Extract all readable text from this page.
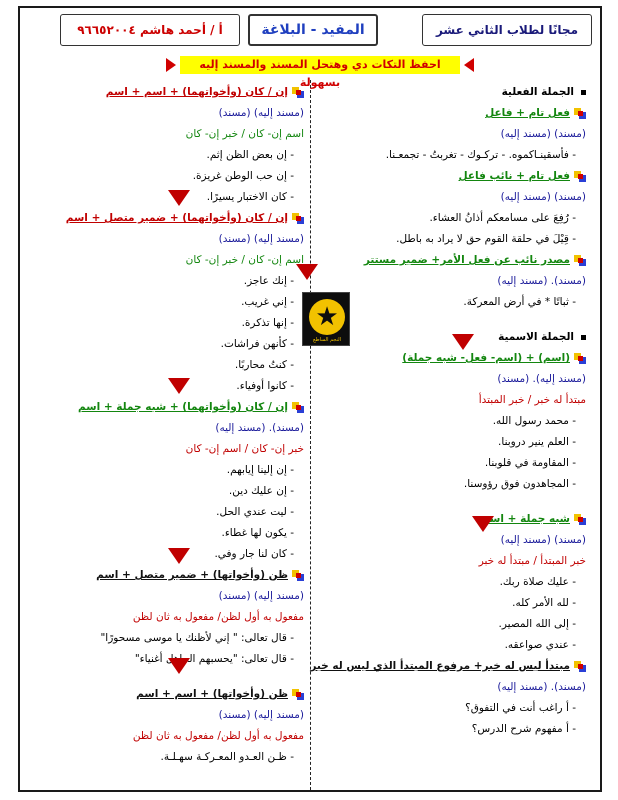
مجانًا لطلاب الثاني عشر
المفيد - البلاغة
أ / أحمد هاشم ٩٦٦٥٢٠٠٤
احفظ التكات دي وهتحل المسند والمسند إليه بسهولة
الجملة الفعلية
فعل تام + فاعل
(مسند) (مسند إليه)
- فأسقينـاكموه. - تركـوك - تغربتُ - تجمعـنا.
فعل تام + نائب فاعل
(مسند) (مسند إليه)
- رُفِعَ على مسامعكم أذانُ العشاء.
- قِيْلَ في حلقة القوم حق لا يراد به باطل.
مصدر نائب عن فعل الأمر+ ضمير مستتر
(مسند). (مسند إليه)
- ثباتًا * في أرض المعركة.
الجملة الاسمية
(اسم) + (اسم- فعل- شبه جملة)
(مسند إليه). (مسند)
مبتدأ له خبر / خبر المبتدأ
- محمد رسول الله.
- العلم ينير دروبنا.
- المقاومة في قلوبنا.
- المجاهدون فوق رؤوسنا.
شبه جملة + اسم
(مسند) (مسند إليه)
خبر المبتدأ / مبتدأ له خبر
- عليك صلاة ربك.
- لله الأمر كله.
- إلى الله المصير.
- عندي صواعقه.
مبتدأ ليس له خبر+ مرفوع المبتدأ الذي ليس له خبر
(مسند). (مسند إليه)
- أ راغب أنت في التفوق؟
- أ مفهوم شرح الدرس؟
إن / كان (وأخواتهما) + اسم + اسم
(مسند إليه) (مسند)
اسم إن- كان / خبر إن- كان
- إن بعض الظن إثم.
- إن حب الوطن غريزة.
- كان الاختبار يسيرًا.
إن / كان (وأخواتهما) + ضمير متصل + اسم
(مسند إليه) (مسند)
اسم إن- كان / خبر إن- كان
- إنك عاجز.
- إني غريب.
- إنها تذكرة.
- كأنهن فراشات.
- كنتُ محاربًا.
- كانوا أوفياء.
إن / كان (وأخواتهما) + شبه جملة + اسم
(مسند). (مسند إليه)
خبر إن- كان / اسم إن- كان
- إن إلينا إيابهم.
- إن عليك دين.
- ليت عندي الحل.
- يكون لها غطاء.
- كان لنا جار وفي.
ظن (وأخواتها) + ضمير متصل + اسم
(مسند إليه) (مسند)
مفعول به أول لظن/ مفعول به ثان لظن
- قال تعالى: " إني لأظنك يا موسى مسحورًا"
- قال تعالى: "يحسبهم الجاهل أغنياء"
ظن (وأخواتها) + اسم + اسم
(مسند إليه) (مسند)
مفعول به أول لظن/ مفعول به ثان لظن
- ظـن العـدو المعـركـة سهـلـة.
★
النجم الساطع
